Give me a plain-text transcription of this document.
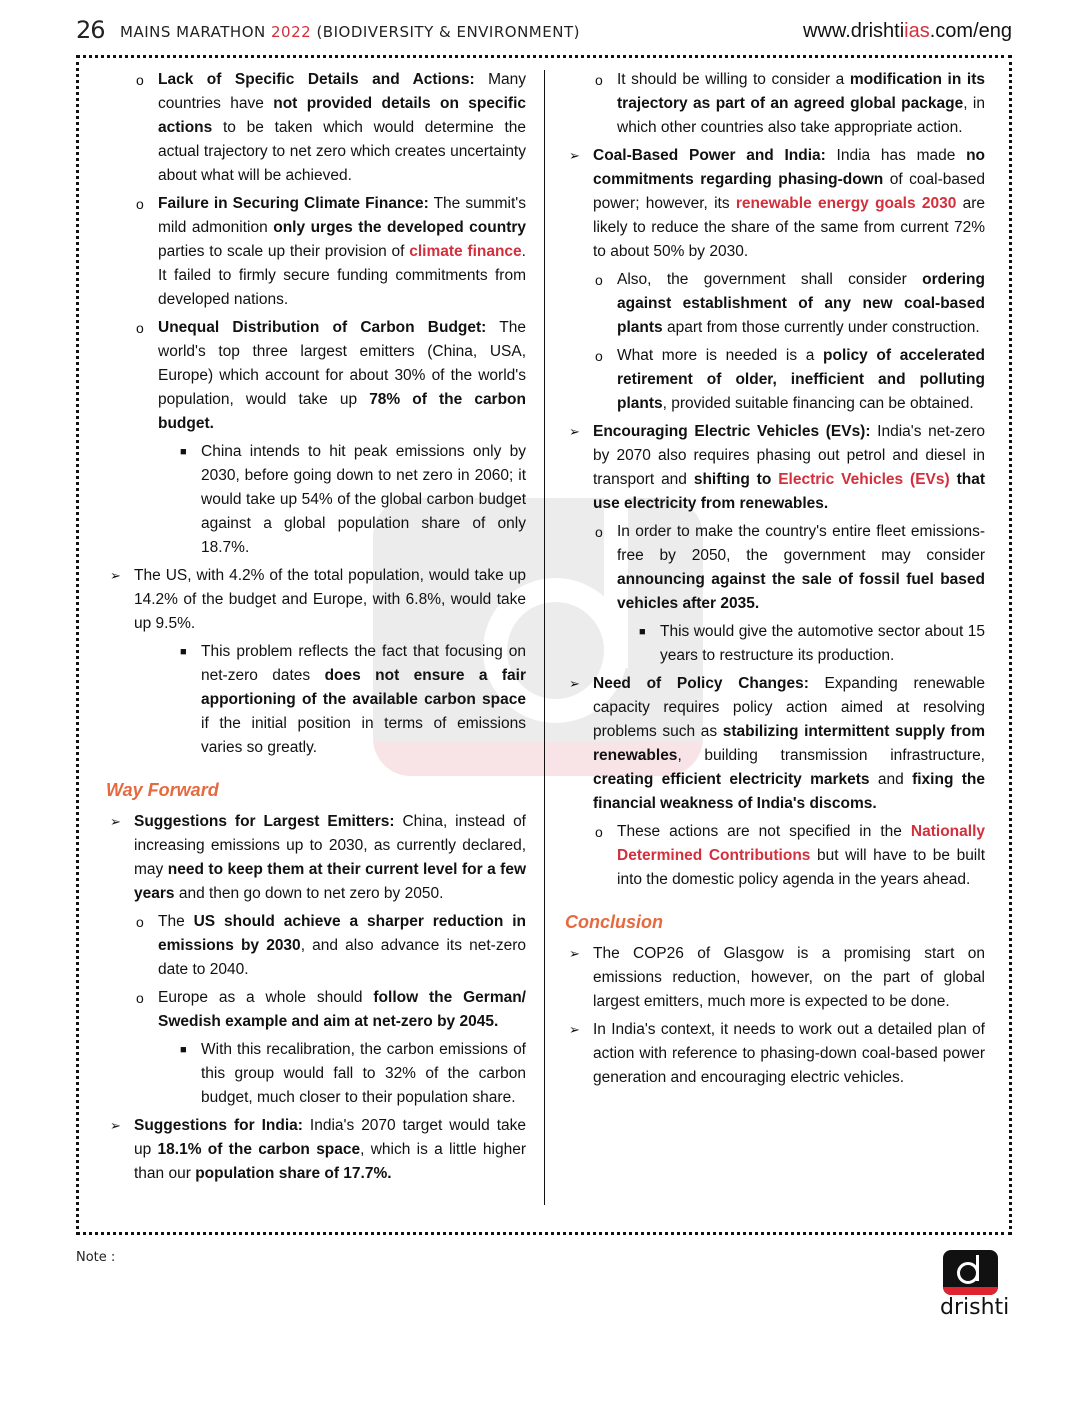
26 MAINS MARATHON 2022 (BIODIVERSITY & ENVIRONMENT)	www.drishtiias.com/eng
o Lack of Specific Details and Actions: Many countries have not provided details on specific actions to be taken which would determine the actual trajectory to net zero which creates uncertainty about what will be achieved.
o Failure in Securing Climate Finance: The summit's mild admonition only urges the developed country parties to scale up their provision of climate finance. It failed to firmly secure funding commitments from developed nations.
o Unequal Distribution of Carbon Budget: The world's top three largest emitters (China, USA, Europe) which account for about 30% of the world's population, would take up 78% of the carbon budget.
■ China intends to hit peak emissions only by 2030, before going down to net zero in 2060; it would take up 54% of the global carbon budget against a global population share of only 18.7%.
➢ The US, with 4.2% of the total population, would take up 14.2% of the budget and Europe, with 6.8%, would take up 9.5%.
■ This problem reflects the fact that focusing on net-zero dates does not ensure a fair apportioning of the available carbon space if the initial position in terms of emissions varies so greatly.
Way Forward
➢ Suggestions for Largest Emitters: China, instead of increasing emissions up to 2030, as currently declared, may need to keep them at their current level for a few years and then go down to net zero by 2050.
o The US should achieve a sharper reduction in emissions by 2030, and also advance its net-zero date to 2040.
o Europe as a whole should follow the German/ Swedish example and aim at net-zero by 2045.
■ With this recalibration, the carbon emissions of this group would fall to 32% of the carbon budget, much closer to their population share.
➢ Suggestions for India: India's 2070 target would take up 18.1% of the carbon space, which is a little higher than our population share of 17.7%.
o It should be willing to consider a modification in its trajectory as part of an agreed global package, in which other countries also take appropriate action.
➢ Coal-Based Power and India: India has made no commitments regarding phasing-down of coal-based power; however, its renewable energy goals 2030 are likely to reduce the share of the same from current 72% to about 50% by 2030.
o Also, the government shall consider ordering against establishment of any new coal-based plants apart from those currently under construction.
o What more is needed is a policy of accelerated retirement of older, inefficient and polluting plants, provided suitable financing can be obtained.
➢ Encouraging Electric Vehicles (EVs): India's net-zero by 2070 also requires phasing out petrol and diesel in transport and shifting to Electric Vehicles (EVs) that use electricity from renewables.
o In order to make the country's entire fleet emissions-free by 2050, the government may consider announcing against the sale of fossil fuel based vehicles after 2035.
■ This would give the automotive sector about 15 years to restructure its production.
➢ Need of Policy Changes: Expanding renewable capacity requires policy action aimed at resolving problems such as stabilizing intermittent supply from renewables, building transmission infrastructure, creating efficient electricity markets and fixing the financial weakness of India's discoms.
o These actions are not specified in the Nationally Determined Contributions but will have to be built into the domestic policy agenda in the years ahead.
Conclusion
➢ The COP26 of Glasgow is a promising start on emissions reduction, however, on the part of global largest emitters, much more is expected to be done.
➢ In India's context, it needs to work out a detailed plan of action with reference to phasing-down coal-based power generation and encouraging electric vehicles.
Note :
drishti
